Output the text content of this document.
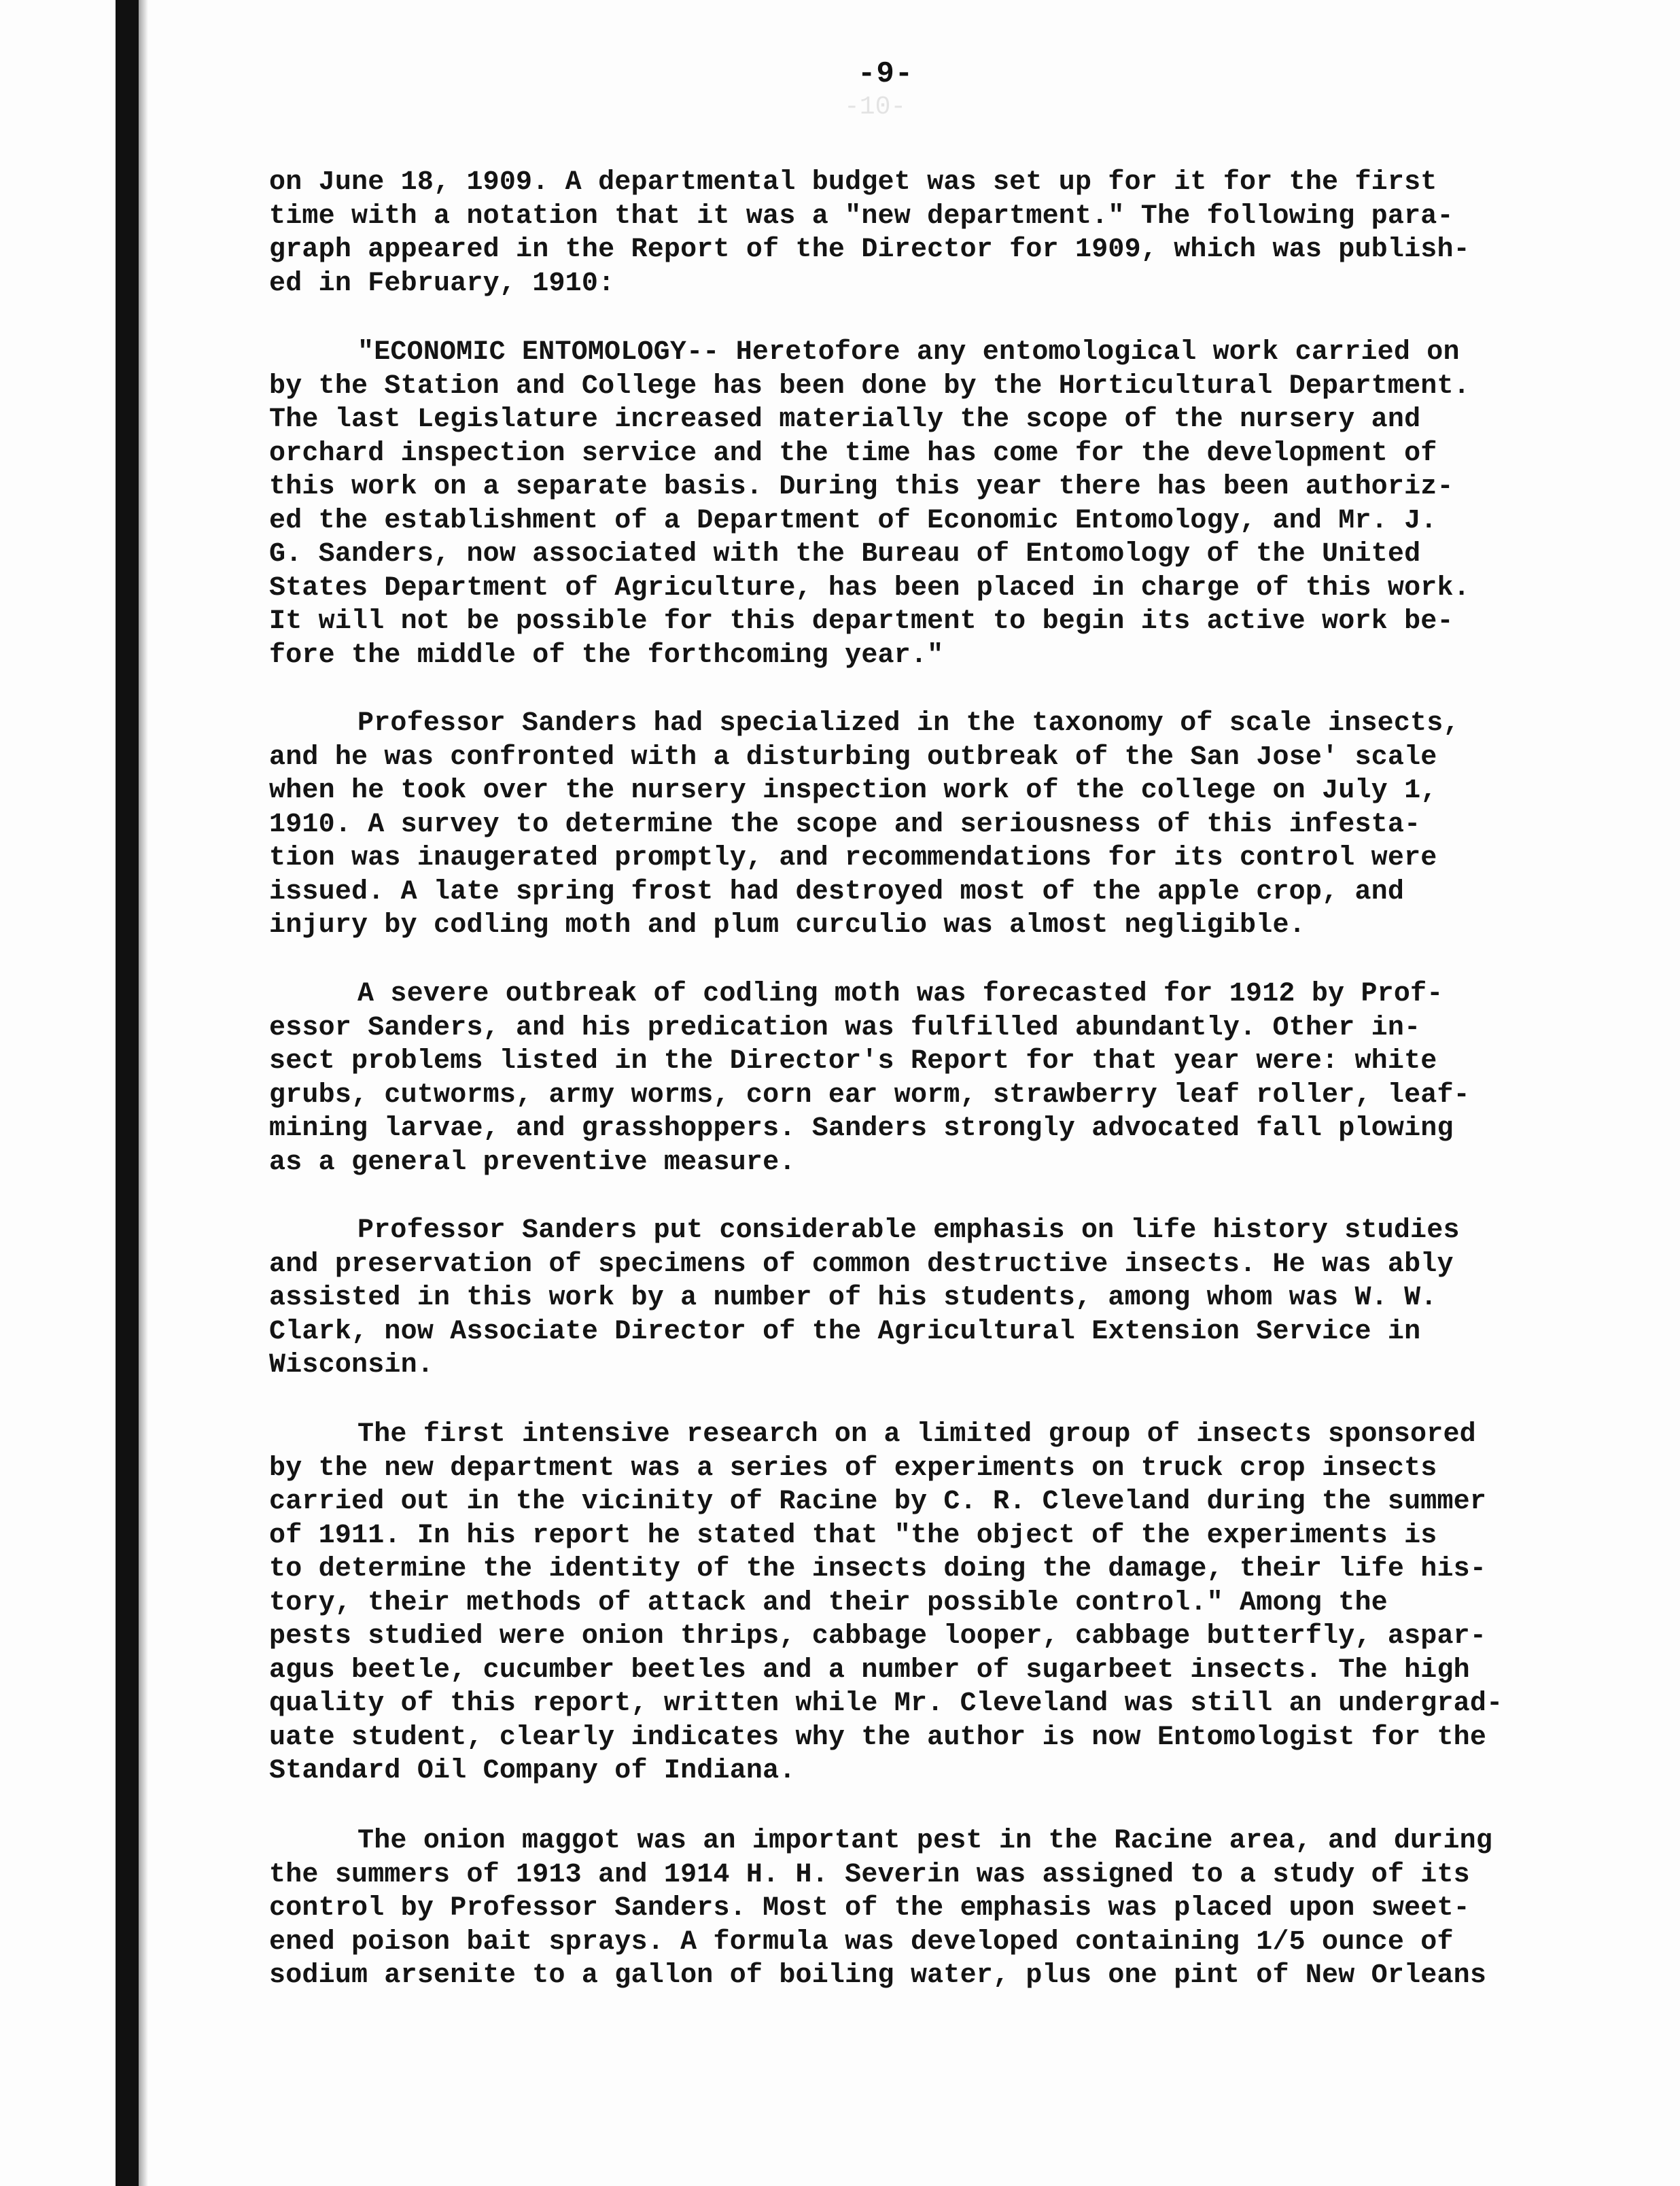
-9-
-10-
on June 18, 1909. A departmental budget was set up for it for the first
time with a notation that it was a "new department." The following para-
graph appeared in the Report of the Director for 1909, which was publish-
ed in February, 1910:
"ECONOMIC ENTOMOLOGY-- Heretofore any entomological work carried on
by the Station and College has been done by the Horticultural Department.
The last Legislature increased materially the scope of the nursery and
orchard inspection service and the time has come for the development of
this work on a separate basis. During this year there has been authoriz-
ed the establishment of a Department of Economic Entomology, and Mr. J.
G. Sanders, now associated with the Bureau of Entomology of the United
States Department of Agriculture, has been placed in charge of this work.
It will not be possible for this department to begin its active work be-
fore the middle of the forthcoming year."
Professor Sanders had specialized in the taxonomy of scale insects,
and he was confronted with a disturbing outbreak of the San Jose' scale
when he took over the nursery inspection work of the college on July 1,
1910. A survey to determine the scope and seriousness of this infesta-
tion was inaugerated promptly, and recommendations for its control were
issued. A late spring frost had destroyed most of the apple crop, and
injury by codling moth and plum curculio was almost negligible.
A severe outbreak of codling moth was forecasted for 1912 by Prof-
essor Sanders, and his predication was fulfilled abundantly. Other in-
sect problems listed in the Director's Report for that year were: white
grubs, cutworms, army worms, corn ear worm, strawberry leaf roller, leaf-
mining larvae, and grasshoppers. Sanders strongly advocated fall plowing
as a general preventive measure.
Professor Sanders put considerable emphasis on life history studies
and preservation of specimens of common destructive insects. He was ably
assisted in this work by a number of his students, among whom was W. W.
Clark, now Associate Director of the Agricultural Extension Service in
Wisconsin.
The first intensive research on a limited group of insects sponsored
by the new department was a series of experiments on truck crop insects
carried out in the vicinity of Racine by C. R. Cleveland during the summer
of 1911. In his report he stated that "the object of the experiments is
to determine the identity of the insects doing the damage, their life his-
tory, their methods of attack and their possible control." Among the
pests studied were onion thrips, cabbage looper, cabbage butterfly, aspar-
agus beetle, cucumber beetles and a number of sugarbeet insects. The high
quality of this report, written while Mr. Cleveland was still an undergrad-
uate student, clearly indicates why the author is now Entomologist for the
Standard Oil Company of Indiana.
The onion maggot was an important pest in the Racine area, and during
the summers of 1913 and 1914 H. H. Severin was assigned to a study of its
control by Professor Sanders. Most of the emphasis was placed upon sweet-
ened poison bait sprays. A formula was developed containing 1/5 ounce of
sodium arsenite to a gallon of boiling water, plus one pint of New Orleans
